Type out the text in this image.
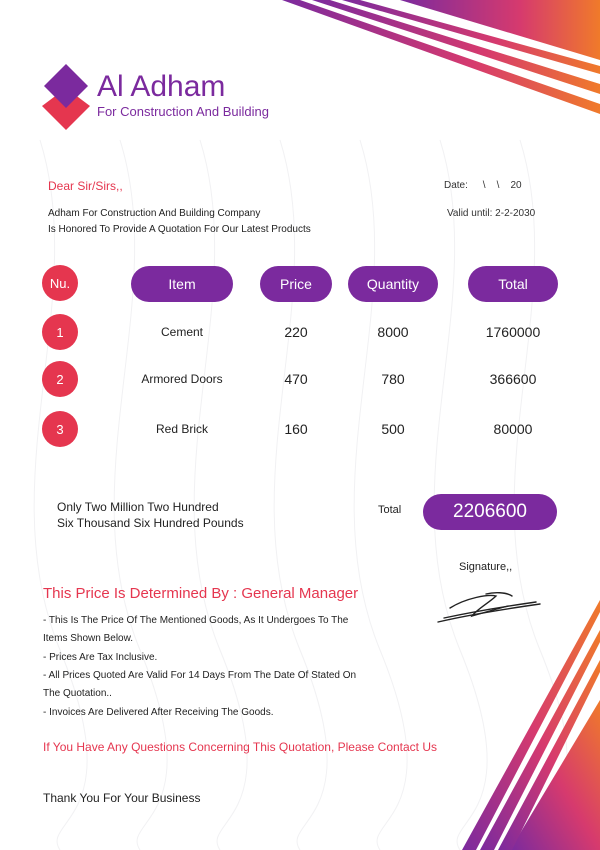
Al Adham
For Construction And Building
Dear Sir/Sirs,,	Date: \    \    20
Adham For Construction And Building Company
Is Honored To Provide A Quotation For Our Latest Products
Valid until: 2-2-2030
Nu.	Item	Price	Quantity	Total
1	Cement	220	8000	1760000
2	Armored Doors	470	780	366600
3	Red Brick	160	500	80000
Only Two Million Two Hundred
Six Thousand Six Hundred Pounds
Total	2206600
Signature,,
This Price Is Determined By : General Manager
- This Is The Price Of The Mentioned Goods, As It Undergoes To The
Items Shown Below.
- Prices Are Tax Inclusive.
- All Prices Quoted Are Valid For 14 Days From The Date Of Stated On
The Quotation..
- Invoices Are Delivered After Receiving The Goods.
If You Have Any Questions Concerning This Quotation, Please Contact Us
Thank You For Your Business
